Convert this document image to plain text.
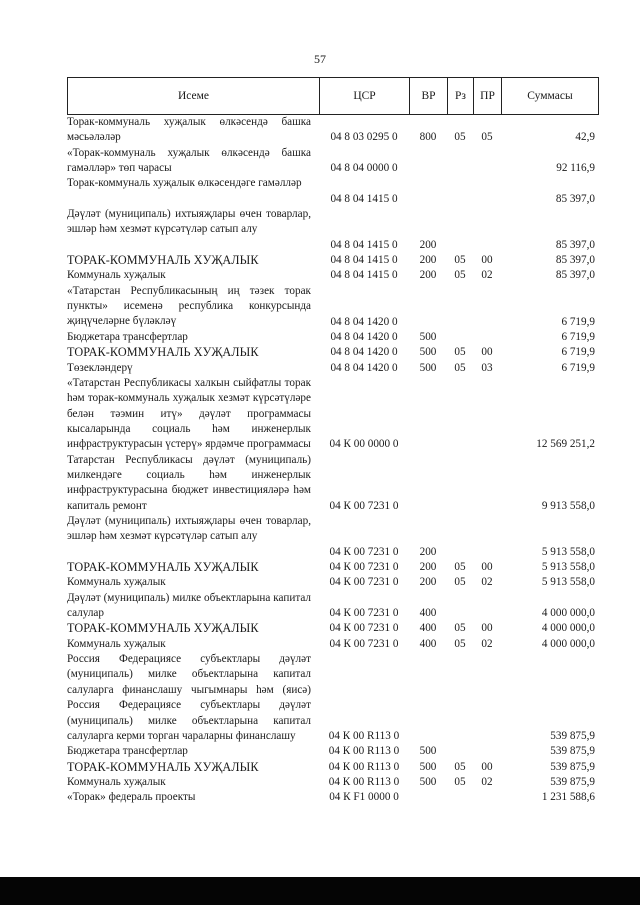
57
Исеме	ЦСР	ВР	Рз	ПР	Суммасы
Торак-коммуналь хуҗалык өлкәсендә башка мәсьәләләр	04 8 03 0295 0	800	05	05	42,9
«Торак-коммуналь хуҗалык өлкәсендә башка гамәлләр» төп чарасы	04 8 04 0000 0	92 116,9
Торак-коммуналь хуҗалык өлкәсендәге гамәлләр
04 8 04 1415 0	85 397,0
Дәүләт (муниципаль) ихтыяҗлары өчен товарлар, эшләр һәм хезмәт күрсәтүләр сатып алу
04 8 04 1415 0	200	85 397,0
ТОРАК-КОММУНАЛЬ ХУҖАЛЫК	04 8 04 1415 0	200	05	00	85 397,0
Коммуналь хуҗалык	04 8 04 1415 0	200	05	02	85 397,0
«Татарстан Республикасының иң тәзек торак пункты» исеменә республика конкурсында җиңүчеләрне бүләкләү	04 8 04 1420 0	6 719,9
Бюджетара трансфертлар	04 8 04 1420 0	500	6 719,9
ТОРАК-КОММУНАЛЬ ХУҖАЛЫК	04 8 04 1420 0	500	05	00	6 719,9
Төзекләндерү	04 8 04 1420 0	500	05	03	6 719,9
«Татарстан Республикасы халкын сыйфатлы торак һәм торак-коммуналь хуҗалык хезмәт күрсәтүләре белән тәэмин итү» дәүләт программасы кысаларында социаль һәм инженерлык инфраструктурасын үстерү» ярдәмче программасы	04 К 00 0000 0	12 569 251,2
Татарстан Республикасы дәүләт (муниципаль) милкендәге социаль һәм инженерлык инфраструктурасына бюджет инвестицияләрә һәм капиталь ремонт	04 К 00 7231 0	9 913 558,0
Дәүләт (муниципаль) ихтыяҗлары өчен товарлар, эшләр һәм хезмәт күрсәтүләр сатып алу
04 К 00 7231 0	200	5 913 558,0
ТОРАК-КОММУНАЛЬ ХУҖАЛЫК	04 К 00 7231 0	200	05	00	5 913 558,0
Коммуналь хуҗалык	04 К 00 7231 0	200	05	02	5 913 558,0
Дәүләт (муниципаль) милке объектларына капитал салулар	04 К 00 7231 0	400	4 000 000,0
ТОРАК-КОММУНАЛЬ ХУҖАЛЫК	04 К 00 7231 0	400	05	00	4 000 000,0
Коммуналь хуҗалык	04 К 00 7231 0	400	05	02	4 000 000,0
Россия Федерациясе субъектлары дәүләт (муниципаль) милке объектларына капитал салуларга финанслашу чыгымнары һәм (яисә) Россия Федерациясе субъектлары дәүләт (муниципаль) милке объектларына капитал салуларга керми торган чараларны финанслашу	04 К 00 R113 0	539 875,9
Бюджетара трансфертлар	04 К 00 R113 0	500	539 875,9
ТОРАК-КОММУНАЛЬ ХУҖАЛЫК	04 К 00 R113 0	500	05	00	539 875,9
Коммуналь хуҗалык	04 К 00 R113 0	500	05	02	539 875,9
«Торак» федераль проекты	04 К F1 0000 0	1 231 588,6
